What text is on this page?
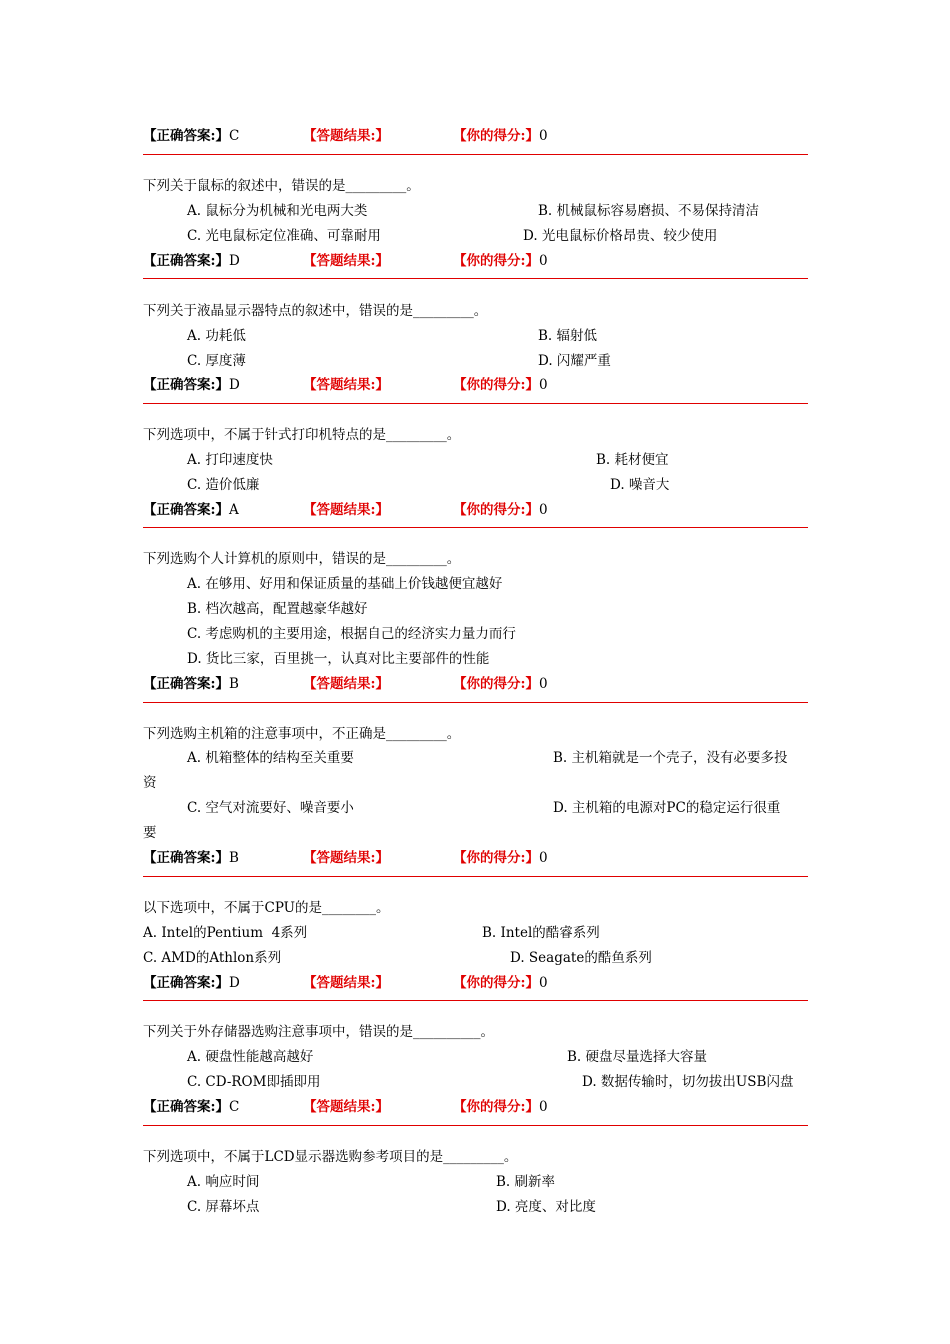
【正确答案:】C	【答题结果:】	【你的得分:】0
下列关于鼠标的叙述中，错误的是_________。
A. 鼠标分为机械和光电两大类	B. 机械鼠标容易磨损、不易保持清洁
C. 光电鼠标定位准确、可靠耐用	D. 光电鼠标价格昂贵、较少使用
【正确答案:】D	【答题结果:】	【你的得分:】0
下列关于液晶显示器特点的叙述中，错误的是_________。
A. 功耗低	B. 辐射低
C. 厚度薄	D. 闪耀严重
【正确答案:】D	【答题结果:】	【你的得分:】0
下列选项中，不属于针式打印机特点的是_________。
A. 打印速度快	B. 耗材便宜
C. 造价低廉	D. 噪音大
【正确答案:】A	【答题结果:】	【你的得分:】0
下列选购个人计算机的原则中，错误的是_________。
A. 在够用、好用和保证质量的基础上价钱越便宜越好
B. 档次越高，配置越豪华越好
C. 考虑购机的主要用途，根据自己的经济实力量力而行
D. 货比三家，百里挑一，认真对比主要部件的性能
【正确答案:】B	【答题结果:】	【你的得分:】0
下列选购主机箱的注意事项中，不正确是_________。
A. 机箱整体的结构至关重要	B. 主机箱就是一个壳子，没有必要多投
资
C. 空气对流要好、噪音要小	D. 主机箱的电源对PC的稳定运行很重
要
【正确答案:】B	【答题结果:】	【你的得分:】0
以下选项中，不属于CPU的是________。
A. Intel的Pentium  4系列	B. Intel的酷睿系列
C. AMD的Athlon系列	D. Seagate的酷鱼系列
【正确答案:】D	【答题结果:】	【你的得分:】0
下列关于外存储器选购注意事项中，错误的是__________。
A. 硬盘性能越高越好	B. 硬盘尽量选择大容量
C. CD-ROM即插即用	D. 数据传输时，切勿拔出USB闪盘
【正确答案:】C	【答题结果:】	【你的得分:】0
下列选项中，不属于LCD显示器选购参考项目的是_________。
A. 响应时间	B. 刷新率
C. 屏幕坏点	D. 亮度、对比度
